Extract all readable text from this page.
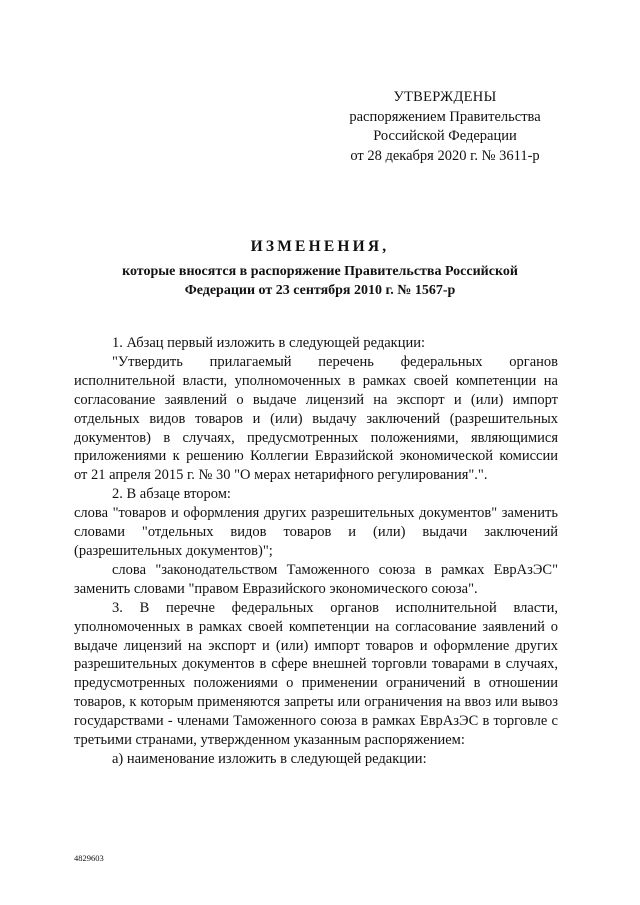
УТВЕРЖДЕНЫ
распоряжением Правительства
Российской Федерации
от 28 декабря 2020 г. № 3611-р
ИЗМЕНЕНИЯ,
которые вносятся в распоряжение Правительства Российской
Федерации от 23 сентября 2010 г. № 1567-р

1. Абзац первый изложить в следующей редакции:

"Утвердить прилагаемый перечень федеральных органов исполнительной власти, уполномоченных в рамках своей компетенции на согласование заявлений о выдаче лицензий на экспорт и (или) импорт отдельных видов товаров и (или) выдачу заключений (разрешительных документов) в случаях, предусмотренных положениями, являющимися приложениями к решению Коллегии Евразийской экономической комиссии от 21 апреля 2015 г. № 30 "О мерах нетарифного регулирования".".

2. В абзаце втором:

слова "товаров и оформления других разрешительных документов" заменить словами "отдельных видов товаров и (или) выдачи заключений (разрешительных документов)";

слова "законодательством Таможенного союза в рамках ЕврАзЭС" заменить словами "правом Евразийского экономического союза".

3. В перечне федеральных органов исполнительной власти, уполномоченных в рамках своей компетенции на согласование заявлений о выдаче лицензий на экспорт и (или) импорт товаров и оформление других разрешительных документов в сфере внешней торговли товарами в случаях, предусмотренных положениями о применении ограничений в отношении товаров, к которым применяются запреты или ограничения на ввоз или вывоз государствами - членами Таможенного союза в рамках ЕврАзЭС в торговле с третьими странами, утвержденном указанным распоряжением:

а) наименование изложить в следующей редакции:

4829603
